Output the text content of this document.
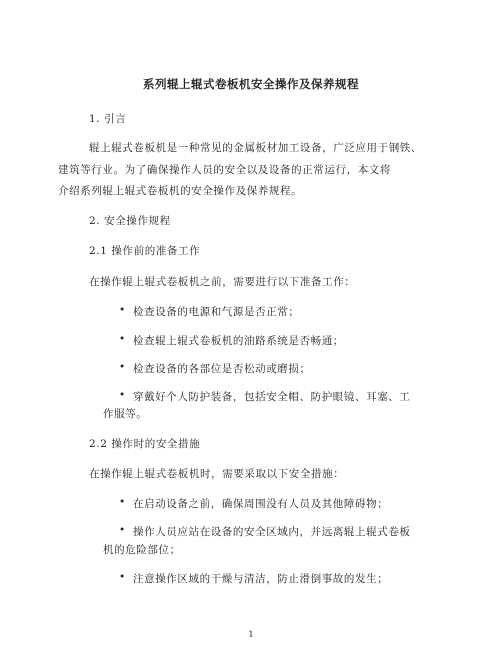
系列辊上辊式卷板机安全操作及保养规程
1. 引言
辊上辊式卷板机是一种常见的金属板材加工设备，广泛应用于钢铁、
建筑等行业。为了确保操作人员的安全以及设备的正常运行，本文将
介绍系列辊上辊式卷板机的安全操作及保养规程。
2. 安全操作规程
2.1 操作前的准备工作
在操作辊上辊式卷板机之前，需要进行以下准备工作：
• 检查设备的电源和气源是否正常；
• 检查辊上辊式卷板机的油路系统是否畅通；
• 检查设备的各部位是否松动或磨损；
• 穿戴好个人防护装备，包括安全帽、防护眼镜、耳塞、工
作服等。
2.2 操作时的安全措施
在操作辊上辊式卷板机时，需要采取以下安全措施：
• 在启动设备之前，确保周围没有人员及其他障碍物；
• 操作人员应站在设备的安全区域内，并远离辊上辊式卷板
机的危险部位；
• 注意操作区域的干燥与清洁，防止滑倒事故的发生；
1
